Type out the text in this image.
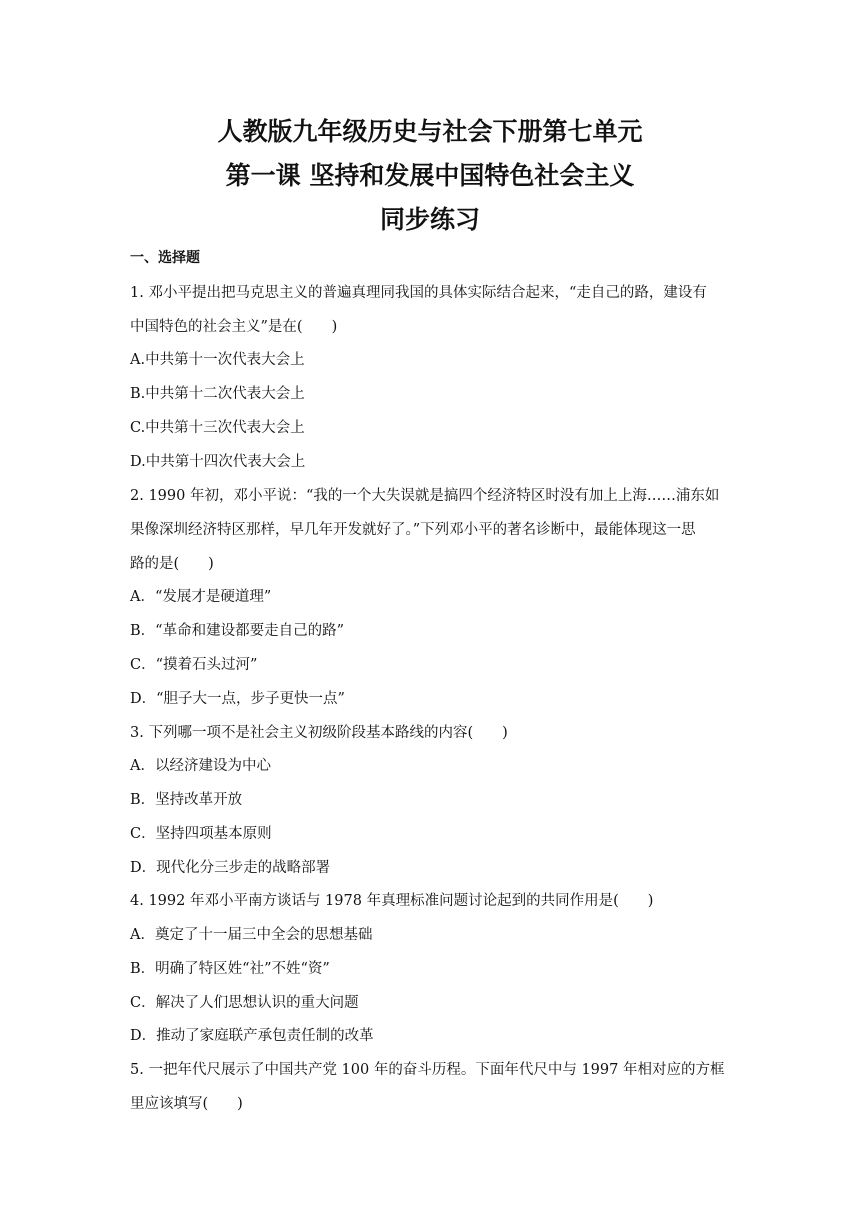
人教版九年级历史与社会下册第七单元
第一课 坚持和发展中国特色社会主义
同步练习
一、选择题
1. 邓小平提出把马克思主义的普遍真理同我国的具体实际结合起来，“走自己的路，建设有
中国特色的社会主义”是在(　　)
A.中共第十一次代表大会上
B.中共第十二次代表大会上
C.中共第十三次代表大会上
D.中共第十四次代表大会上
2. 1990 年初，邓小平说：“我的一个大失误就是搞四个经济特区时没有加上上海……浦东如
果像深圳经济特区那样，早几年开发就好了。”下列邓小平的著名诊断中，最能体现这一思
路的是(　　)
A．“发展才是硬道理”
B．“革命和建设都要走自己的路”
C．“摸着石头过河”
D．“胆子大一点，步子更快一点”
3. 下列哪一项不是社会主义初级阶段基本路线的内容(　　)
A．以经济建设为中心
B．坚持改革开放
C．坚持四项基本原则
D．现代化分三步走的战略部署
4. 1992 年邓小平南方谈话与 1978 年真理标准问题讨论起到的共同作用是(　　)
A．奠定了十一届三中全会的思想基础
B．明确了特区姓“社”不姓“资”
C．解决了人们思想认识的重大问题
D．推动了家庭联产承包责任制的改革
5. 一把年代尺展示了中国共产党 100 年的奋斗历程。下面年代尺中与 1997 年相对应的方框
里应该填写(　　)
